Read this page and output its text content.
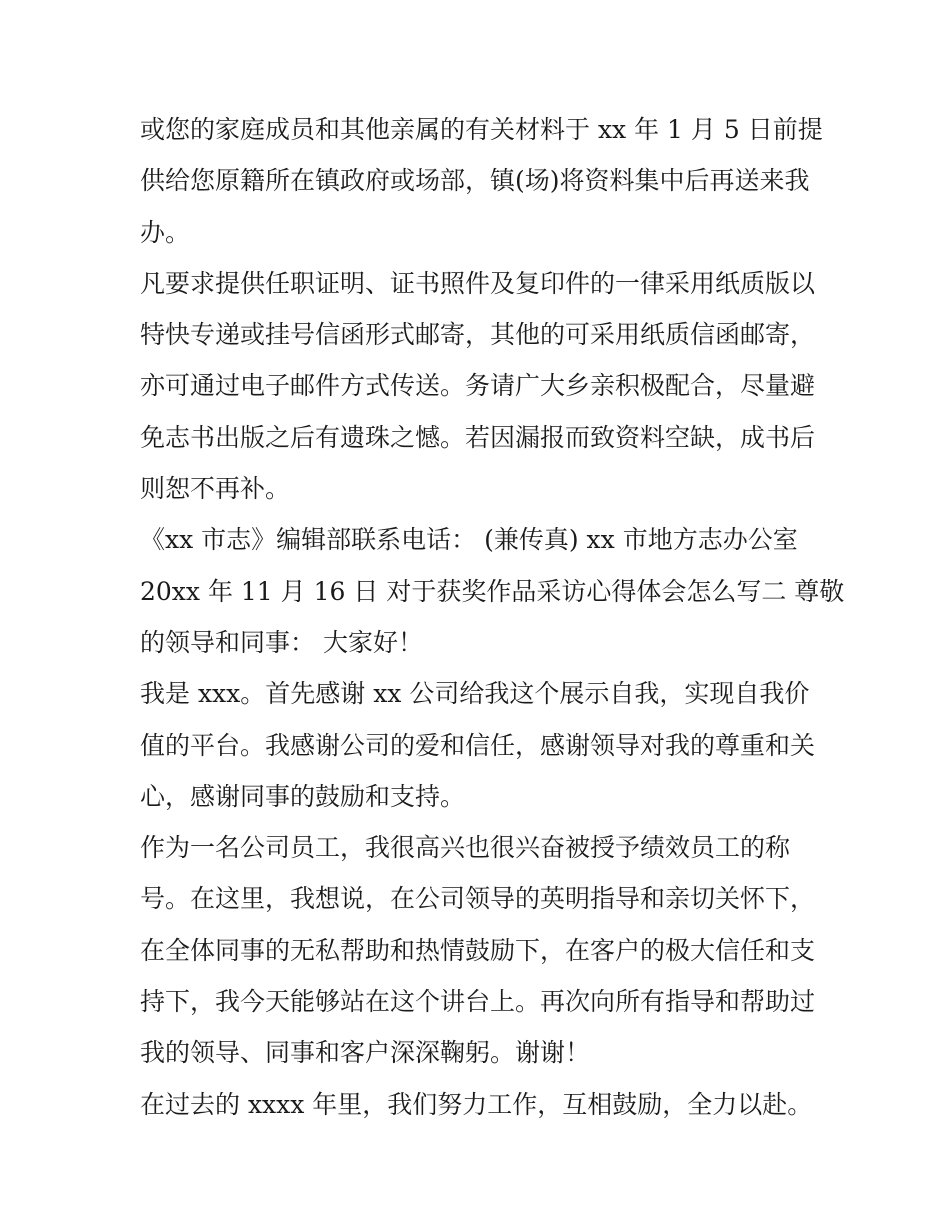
或您的家庭成员和其他亲属的有关材料于 xx 年 1 月 5 日前提
供给您原籍所在镇政府或场部，镇(场)将资料集中后再送来我
办。
凡要求提供任职证明、证书照件及复印件的一律采用纸质版以
特快专递或挂号信函形式邮寄，其他的可采用纸质信函邮寄，
亦可通过电子邮件方式传送。务请广大乡亲积极配合，尽量避
免志书出版之后有遗珠之憾。若因漏报而致资料空缺，成书后
则恕不再补。
《xx 市志》编辑部联系电话： (兼传真) xx 市地方志办公室
20xx 年 11 月 16 日 对于获奖作品采访心得体会怎么写二 尊敬
的领导和同事： 大家好！
我是 xxx。首先感谢 xx 公司给我这个展示自我，实现自我价
值的平台。我感谢公司的爱和信任，感谢领导对我的尊重和关
心，感谢同事的鼓励和支持。
作为一名公司员工，我很高兴也很兴奋被授予绩效员工的称
号。在这里，我想说，在公司领导的英明指导和亲切关怀下，
在全体同事的无私帮助和热情鼓励下，在客户的极大信任和支
持下，我今天能够站在这个讲台上。再次向所有指导和帮助过
我的领导、同事和客户深深鞠躬。谢谢！
在过去的 xxxx 年里，我们努力工作，互相鼓励，全力以赴。
